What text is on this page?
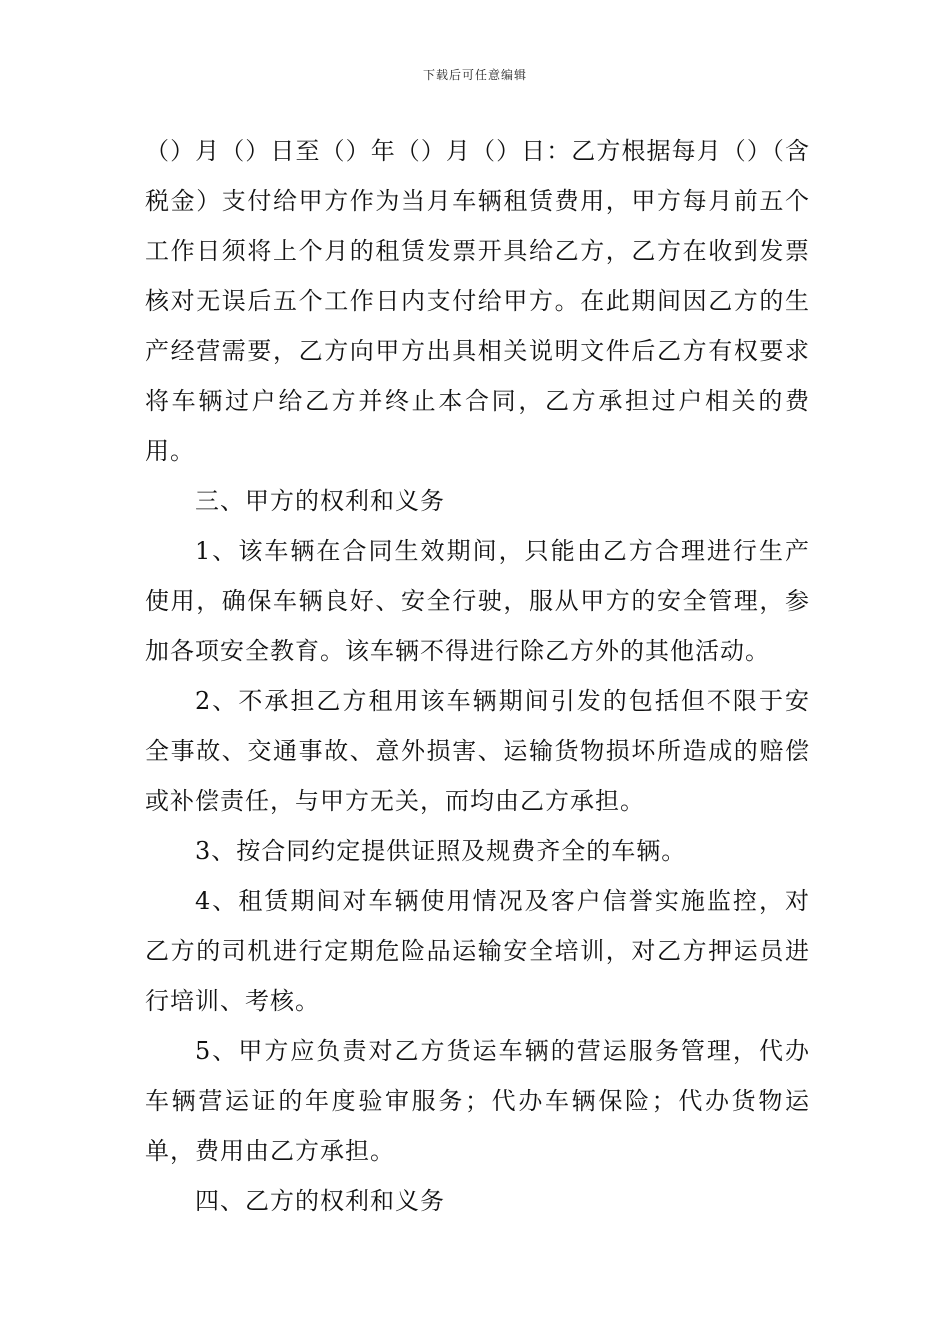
下载后可任意编辑

（）月（）日至（）年（）月（）日：乙方根据每月（）（含税金）支付给甲方作为当月车辆租赁费用，甲方每月前五个工作日须将上个月的租赁发票开具给乙方，乙方在收到发票核对无误后五个工作日内支付给甲方。在此期间因乙方的生产经营需要，乙方向甲方出具相关说明文件后乙方有权要求将车辆过户给乙方并终止本合同，乙方承担过户相关的费用。

三、甲方的权利和义务

1、该车辆在合同生效期间，只能由乙方合理进行生产使用，确保车辆良好、安全行驶，服从甲方的安全管理，参加各项安全教育。该车辆不得进行除乙方外的其他活动。

2、不承担乙方租用该车辆期间引发的包括但不限于安全事故、交通事故、意外损害、运输货物损坏所造成的赔偿或补偿责任，与甲方无关，而均由乙方承担。

3、按合同约定提供证照及规费齐全的车辆。

4、租赁期间对车辆使用情况及客户信誉实施监控，对乙方的司机进行定期危险品运输安全培训，对乙方押运员进行培训、考核。

5、甲方应负责对乙方货运车辆的营运服务管理，代办车辆营运证的年度验审服务；代办车辆保险；代办货物运单，费用由乙方承担。

四、乙方的权利和义务
